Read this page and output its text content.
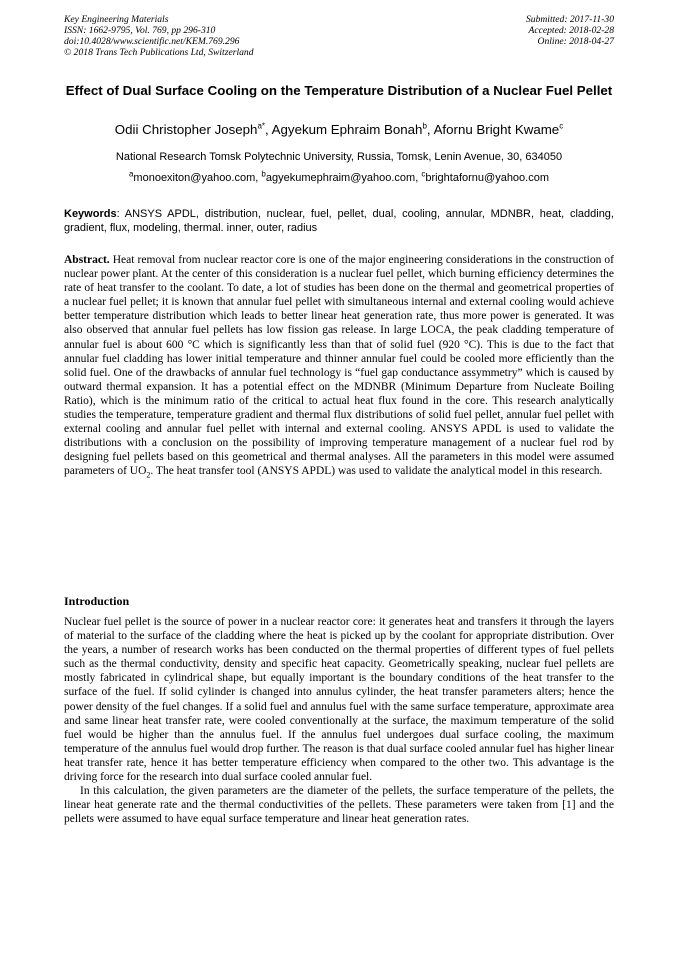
Key Engineering Materials
ISSN: 1662-9795, Vol. 769, pp 296-310
doi:10.4028/www.scientific.net/KEM.769.296
© 2018 Trans Tech Publications Ltd, Switzerland
Submitted: 2017-11-30
Accepted: 2018-02-28
Online: 2018-04-27
Effect of Dual Surface Cooling on the Temperature Distribution of a Nuclear Fuel Pellet
Odii Christopher Joseph$^{a*}$, Agyekum Ephraim Bonah$^b$, Afornu Bright Kwame$^c$
National Research Tomsk Polytechnic University, Russia, Tomsk, Lenin Avenue, 30, 634050
$^a$monoexiton@yahoo.com, $^b$agyekumephraim@yahoo.com, $^c$brightafornu@yahoo.com
Keywords: ANSYS APDL, distribution, nuclear, fuel, pellet, dual, cooling, annular, MDNBR, heat, cladding, gradient, flux, modeling, thermal. inner, outer, radius
Abstract. Heat removal from nuclear reactor core is one of the major engineering considerations in the construction of nuclear power plant. At the center of this consideration is a nuclear fuel pellet, which burning efficiency determines the rate of heat transfer to the coolant. To date, a lot of studies has been done on the thermal and geometrical properties of a nuclear fuel pellet; it is known that annular fuel pellet with simultaneous internal and external cooling would achieve better temperature distribution which leads to better linear heat generation rate, thus more power is generated. It was also observed that annular fuel pellets has low fission gas release. In large LOCA, the peak cladding temperature of annular fuel is about 600 °C which is significantly less than that of solid fuel (920 °C). This is due to the fact that annular fuel cladding has lower initial temperature and thinner annular fuel could be cooled more efficiently than the solid fuel. One of the drawbacks of annular fuel technology is “fuel gap conductance assymmetry” which is caused by outward thermal expansion. It has a potential effect on the MDNBR (Minimum Departure from Nucleate Boiling Ratio), which is the minimum ratio of the critical to actual heat flux found in the core. This research analytically studies the temperature, temperature gradient and thermal flux distributions of solid fuel pellet, annular fuel pellet with external cooling and annular fuel pellet with internal and external cooling. ANSYS APDL is used to validate the distributions with a conclusion on the possibility of improving temperature management of a nuclear fuel rod by designing fuel pellets based on this geometrical and thermal analyses. All the parameters in this model were assumed parameters of $UO_2$. The heat transfer tool (ANSYS APDL) was used to validate the analytical model in this research.
Introduction

Nuclear fuel pellet is the source of power in a nuclear reactor core: it generates heat and transfers it through the layers of material to the surface of the cladding where the heat is picked up by the coolant for appropriate distribution. Over the years, a number of research works has been conducted on the thermal properties of different types of fuel pellets such as the thermal conductivity, density and specific heat capacity. Geometrically speaking, nuclear fuel pellets are mostly fabricated in cylindrical shape, but equally important is the boundary conditions of the heat transfer to the surface of the fuel. If solid cylinder is changed into annulus cylinder, the heat transfer parameters alters; hence the power density of the fuel changes. If a solid fuel and annulus fuel with the same surface temperature, approximate area and same linear heat transfer rate, were cooled conventionally at the surface, the maximum temperature of the solid fuel would be higher than the annulus fuel. If the annulus fuel undergoes dual surface cooling, the maximum temperature of the annulus fuel would drop further. The reason is that dual surface cooled annular fuel has higher linear heat transfer rate, hence it has better temperature efficiency when compared to the other two. This advantage is the driving force for the research into dual surface cooled annular fuel.

In this calculation, the given parameters are the diameter of the pellets, the surface temperature of the pellets, the linear heat generate rate and the thermal conductivities of the pellets. These parameters were taken from [1] and the pellets were assumed to have equal surface temperature and linear heat generation rates.
